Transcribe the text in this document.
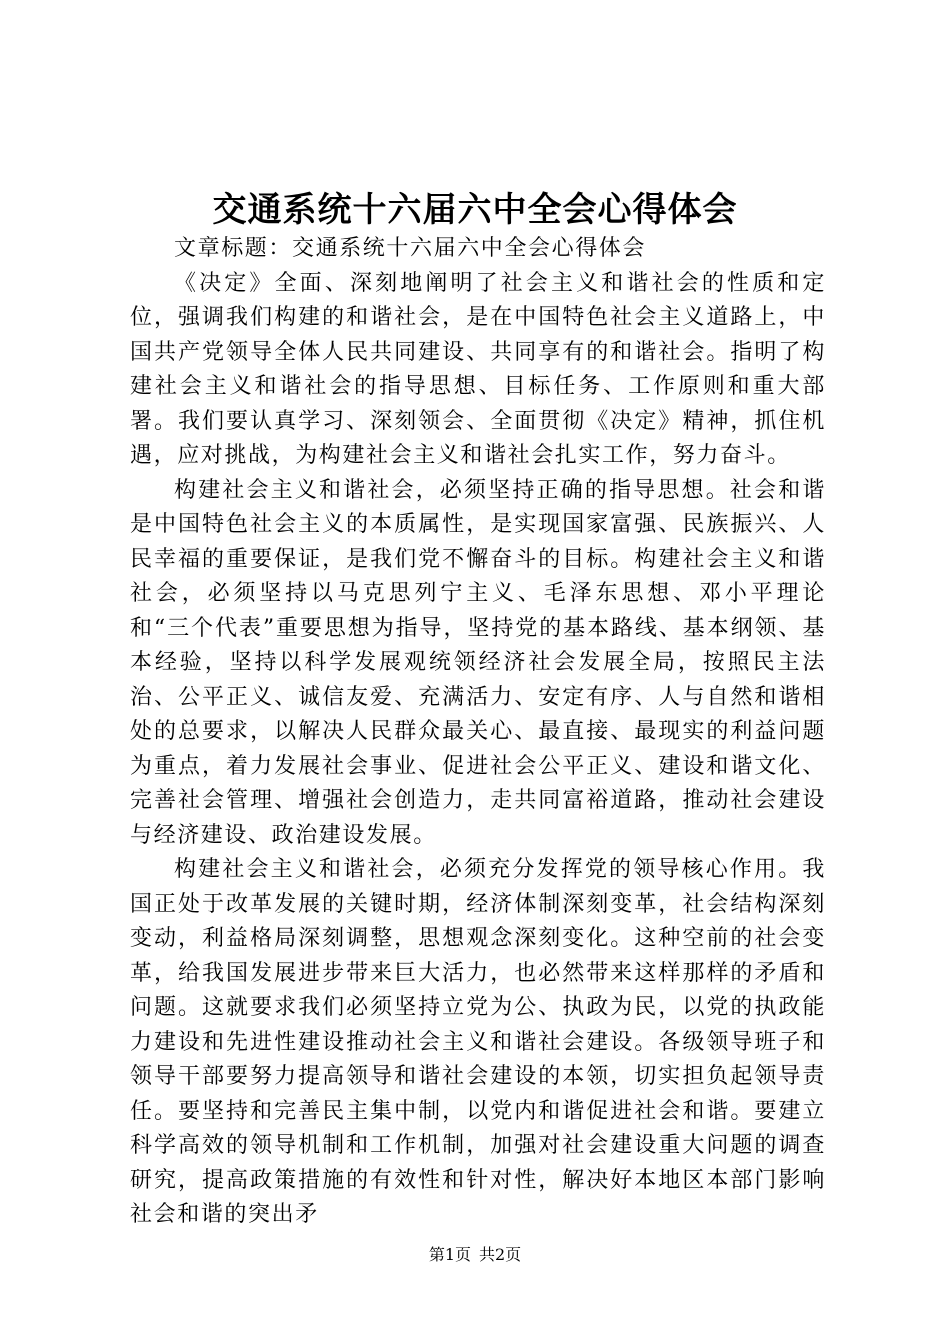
交通系统十六届六中全会心得体会

文章标题：交通系统十六届六中全会心得体会

《决定》全面、深刻地阐明了社会主义和谐社会的性质和定位，强调我们构建的和谐社会，是在中国特色社会主义道路上，中国共产党领导全体人民共同建设、共同享有的和谐社会。指明了构建社会主义和谐社会的指导思想、目标任务、工作原则和重大部署。我们要认真学习、深刻领会、全面贯彻《决定》精神，抓住机遇，应对挑战，为构建社会主义和谐社会扎实工作，努力奋斗。

构建社会主义和谐社会，必须坚持正确的指导思想。社会和谐是中国特色社会主义的本质属性，是实现国家富强、民族振兴、人民幸福的重要保证，是我们党不懈奋斗的目标。构建社会主义和谐社会，必须坚持以马克思列宁主义、毛泽东思想、邓小平理论和“三个代表”重要思想为指导，坚持党的基本路线、基本纲领、基本经验，坚持以科学发展观统领经济社会发展全局，按照民主法治、公平正义、诚信友爱、充满活力、安定有序、人与自然和谐相处的总要求，以解决人民群众最关心、最直接、最现实的利益问题为重点，着力发展社会事业、促进社会公平正义、建设和谐文化、完善社会管理、增强社会创造力，走共同富裕道路，推动社会建设与经济建设、政治建设发展。

构建社会主义和谐社会，必须充分发挥党的领导核心作用。我国正处于改革发展的关键时期，经济体制深刻变革，社会结构深刻变动，利益格局深刻调整，思想观念深刻变化。这种空前的社会变革，给我国发展进步带来巨大活力，也必然带来这样那样的矛盾和问题。这就要求我们必须坚持立党为公、执政为民，以党的执政能力建设和先进性建设推动社会主义和谐社会建设。各级领导班子和领导干部要努力提高领导和谐社会建设的本领，切实担负起领导责任。要坚持和完善民主集中制，以党内和谐促进社会和谐。要建立科学高效的领导机制和工作机制，加强对社会建设重大问题的调查研究，提高政策措施的有效性和针对性，解决好本地区本部门影响社会和谐的突出矛

第1页 共2页
